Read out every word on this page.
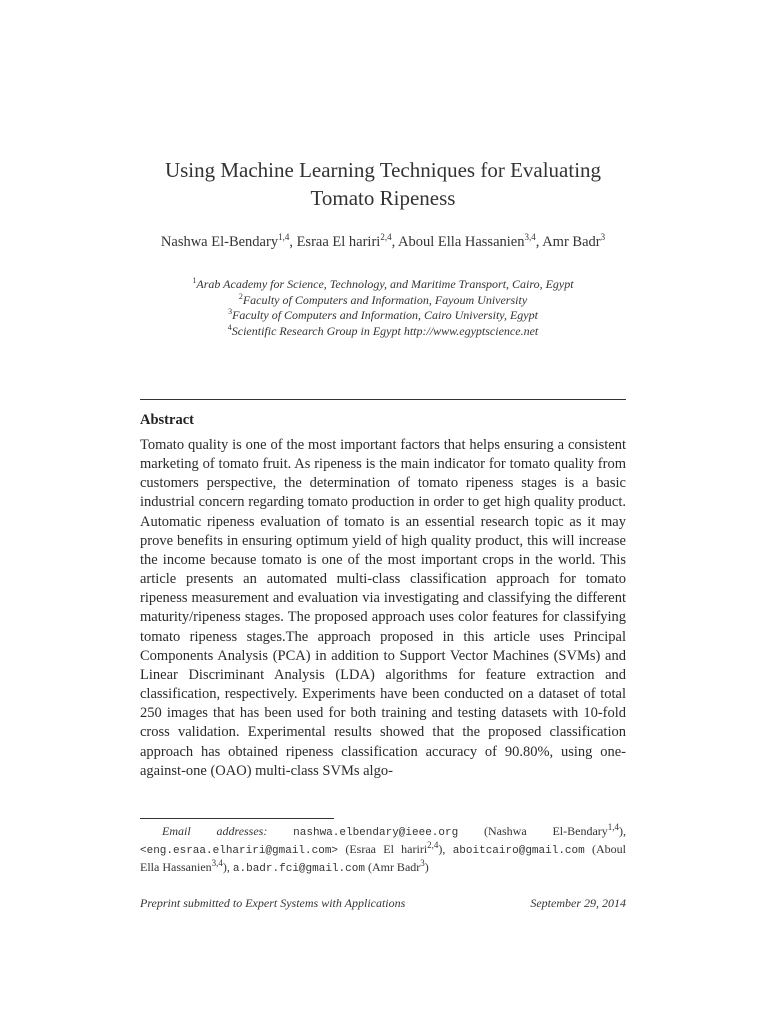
Using Machine Learning Techniques for Evaluating
Tomato Ripeness
Nashwa El-Bendary$^{1,4}$, Esraa El hariri$^{2,4}$, Aboul Ella Hassanien$^{3,4}$, Amr Badr$^3$
$^1$Arab Academy for Science, Technology, and Maritime Transport, Cairo, Egypt
$^2$Faculty of Computers and Information, Fayoum University
$^3$Faculty of Computers and Information, Cairo University, Egypt
$^4$Scientific Research Group in Egypt http://www.egyptscience.net
Abstract
Tomato quality is one of the most important factors that helps ensuring a consistent marketing of tomato fruit. As ripeness is the main indicator for tomato quality from customers perspective, the determination of tomato ripeness stages is a basic industrial concern regarding tomato production in order to get high quality product. Automatic ripeness evaluation of tomato is an essential research topic as it may prove benefits in ensuring optimum yield of high quality product, this will increase the income because tomato is one of the most important crops in the world. This article presents an automated multi-class classification approach for tomato ripeness measurement and evaluation via investigating and classifying the different maturity/ripeness stages. The proposed approach uses color features for classifying tomato ripeness stages.The approach proposed in this article uses Principal Components Analysis (PCA) in addition to Support Vector Machines (SVMs) and Linear Discriminant Analysis (LDA) algorithms for feature extraction and classification, respectively. Experiments have been conducted on a dataset of total 250 images that has been used for both training and testing datasets with 10-fold cross validation. Experimental results showed that the proposed classification approach has obtained ripeness classification accuracy of 90.80%, using one-against-one (OAO) multi-class SVMs algo-
Email addresses: nashwa.elbendary@ieee.org (Nashwa El-Bendary$^{1,4}$), <eng.esraa.elhariri@gmail.com> (Esraa El hariri$^{2,4}$), aboitcairo@gmail.com (Aboul Ella Hassanien$^{3,4}$), a.badr.fci@gmail.com (Amr Badr$^3$)
Preprint submitted to Expert Systems with Applications	September 29, 2014
